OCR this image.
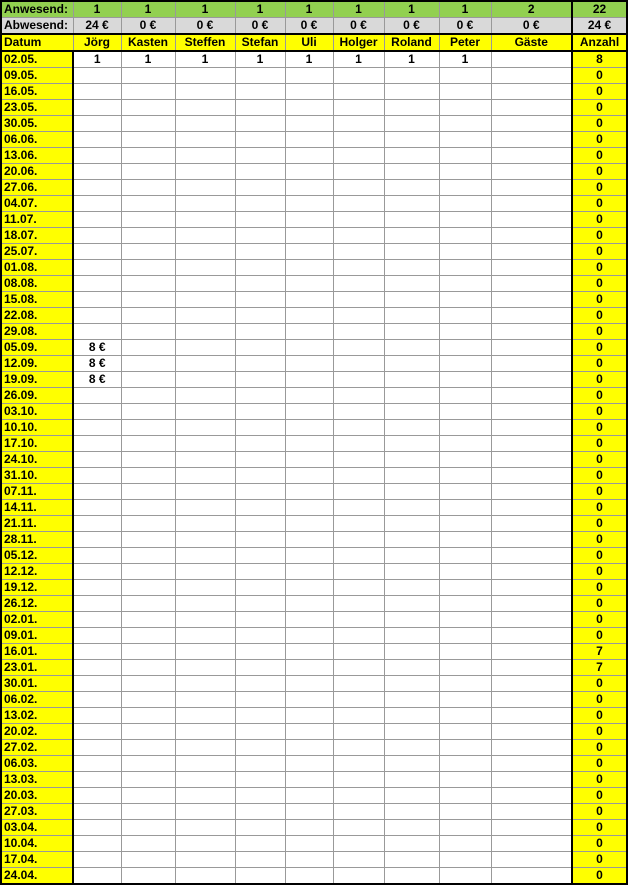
Anwesend:	1	1	1	1	1	1	1	1	2	22
Abwesend:	24 €	0 €	0 €	0 €	0 €	0 €	0 €	0 €	0 €	24 €
Datum	Jörg	Kasten	Steffen	Stefan	Uli	Holger	Roland	Peter	Gäste	Anzahl
02.05.	1	1	1	1	1	1	1	1		8
09.05.										0
16.05.										0
23.05.										0
30.05.										0
06.06.										0
13.06.										0
20.06.										0
27.06.										0
04.07.										0
11.07.										0
18.07.										0
25.07.										0
01.08.										0
08.08.										0
15.08.										0
22.08.										0
29.08.										0
05.09.	8 €									0
12.09.	8 €									0
19.09.	8 €									0
26.09.										0
03.10.										0
10.10.										0
17.10.										0
24.10.										0
31.10.										0
07.11.										0
14.11.										0
21.11.										0
28.11.										0
05.12.										0
12.12.										0
19.12.										0
26.12.										0
02.01.										0
09.01.										0
16.01.										7
23.01.										7
30.01.										0
06.02.										0
13.02.										0
20.02.										0
27.02.										0
06.03.										0
13.03.										0
20.03.										0
27.03.										0
03.04.										0
10.04.										0
17.04.										0
24.04.										0
